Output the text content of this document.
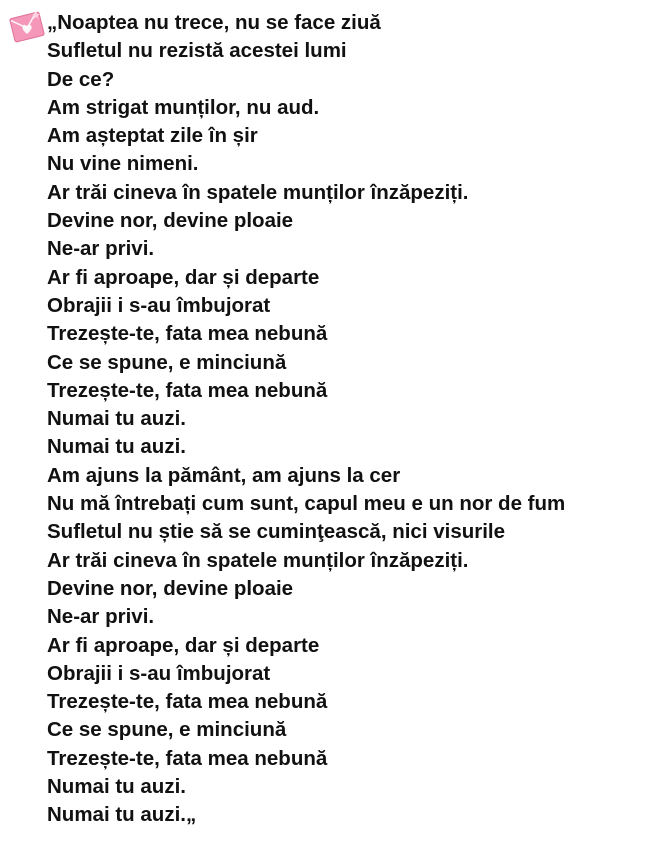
„Noaptea nu trece, nu se face ziuă
Sufletul nu rezistă acestei lumi
De ce?
Am strigat munților, nu aud.
Am așteptat zile în șir
Nu vine nimeni.
Ar trăi cineva în spatele munților înzăpeziți.
Devine nor, devine ploaie
Ne-ar privi.
Ar fi aproape, dar și departe
Obrajii i s-au îmbujorat
Trezește-te, fata mea nebună
Ce se spune, e minciună
Trezește-te, fata mea nebună
Numai tu auzi.
Numai tu auzi.
Am ajuns la pământ, am ajuns la cer
Nu mă întrebați cum sunt, capul meu e un nor de fum
Sufletul nu știe să se cuminţească, nici visurile
Ar trăi cineva în spatele munților înzăpeziți.
Devine nor, devine ploaie
Ne-ar privi.
Ar fi aproape, dar și departe
Obrajii i s-au îmbujorat
Trezește-te, fata mea nebună
Ce se spune, e minciună
Trezește-te, fata mea nebună
Numai tu auzi.
Numai tu auzi.„
